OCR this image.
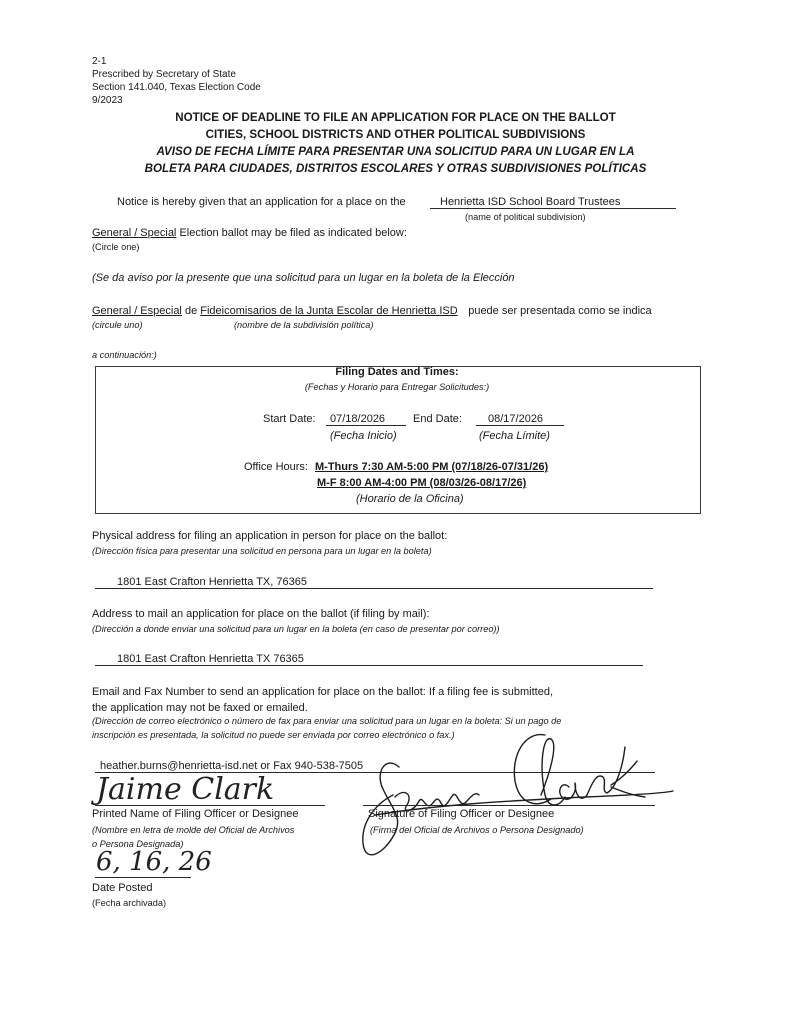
2-1
Prescribed by Secretary of State
Section 141.040, Texas Election Code
9/2023
NOTICE OF DEADLINE TO FILE AN APPLICATION FOR PLACE ON THE BALLOT
CITIES, SCHOOL DISTRICTS AND OTHER POLITICAL SUBDIVISIONS
AVISO DE FECHA LÍMITE PARA PRESENTAR UNA SOLICITUD PARA UN LUGAR EN LA
BOLETA PARA CIUDADES, DISTRITOS ESCOLARES Y OTRAS SUBDIVISIONES POLÍTICAS
Notice is hereby given that an application for a place on the	Henrietta ISD School Board Trustees
(name of political subdivision)
General / Special Election ballot may be filed as indicated below:
(Circle one)
(Se da aviso por la presente que una solicitud para un lugar en la boleta de la Elección
General / Especial de Fideicomisarios de la Junta Escolar de Henrietta ISD    puede ser presentada como se indica
(circule uno)	(nombre de la subdivisión política)
a continuación:)
Filing Dates and Times:
(Fechas y Horario para Entregar Solicitudes:)
Start Date: 07/18/2026	End Date: 08/17/2026
(Fecha Inicio)	(Fecha Límite)
Office Hours: M-Thurs 7:30 AM-5:00 PM (07/18/26-07/31/26)
M-F 8:00 AM-4:00 PM (08/03/26-08/17/26)
(Horario de la Oficina)
Physical address for filing an application in person for place on the ballot:
(Dirección física para presentar una solicitud en persona para un lugar en la boleta)
1801 East Crafton Henrietta TX, 76365
Address to mail an application for place on the ballot (if filing by mail):
(Dirección a donde enviar una solicitud para un lugar en la boleta (en caso de presentar por correo))
1801 East Crafton Henrietta TX 76365
Email and Fax Number to send an application for place on the ballot: If a filing fee is submitted,
the application may not be faxed or emailed.
(Dirección de correo electrónico o número de fax para enviar una solicitud para un lugar en la boleta: Si un pago de
inscripción es presentada, la solicitud no puede ser enviada por correo electrónico o fax.)
heather.burns@henrietta-isd.net or Fax 940-538-7505
Jaime Clark
Printed Name of Filing Officer or Designee
(Nombre en letra de molde del Oficial de Archivos
o Persona Designada)
Signature of Filing Officer or Designee
(Firma del Oficial de Archivos o Persona Designado)
6, 16, 26
Date Posted
(Fecha archivada)
